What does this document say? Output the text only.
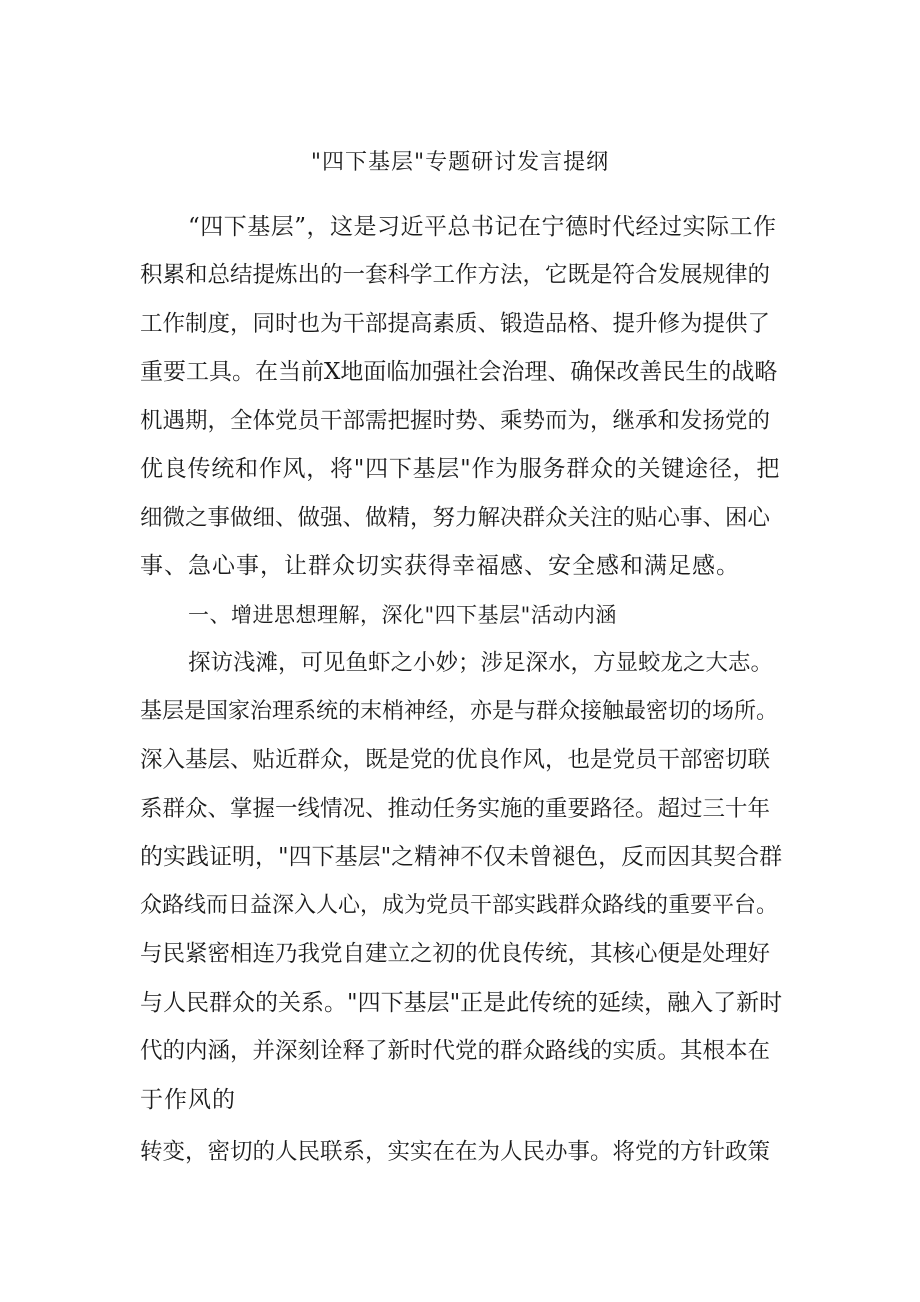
"四下基层"专题研讨发言提纲
“四下基层”，这是习近平总书记在宁德时代经过实际工作
积累和总结提炼出的一套科学工作方法，它既是符合发展规律的
工作制度，同时也为干部提高素质、锻造品格、提升修为提供了
重要工具。在当前X地面临加强社会治理、确保改善民生的战略
机遇期，全体党员干部需把握时势、乘势而为，继承和发扬党的
优良传统和作风，将"四下基层"作为服务群众的关键途径，把
细微之事做细、做强、做精，努力解决群众关注的贴心事、困心
事、急心事，让群众切实获得幸福感、安全感和满足感。
一、增进思想理解，深化"四下基层"活动内涵
探访浅滩，可见鱼虾之小妙；涉足深水，方显蛟龙之大志。
基层是国家治理系统的末梢神经，亦是与群众接触最密切的场所。
深入基层、贴近群众，既是党的优良作风，也是党员干部密切联
系群众、掌握一线情况、推动任务实施的重要路径。超过三十年
的实践证明，"四下基层"之精神不仅未曾褪色，反而因其契合群
众路线而日益深入人心，成为党员干部实践群众路线的重要平台。
与民紧密相连乃我党自建立之初的优良传统，其核心便是处理好
与人民群众的关系。"四下基层"正是此传统的延续，融入了新时
代的内涵，并深刻诠释了新时代党的群众路线的实质。其根本在
于作风的
转变，密切的人民联系，实实在在为人民办事。将党的方针政策
